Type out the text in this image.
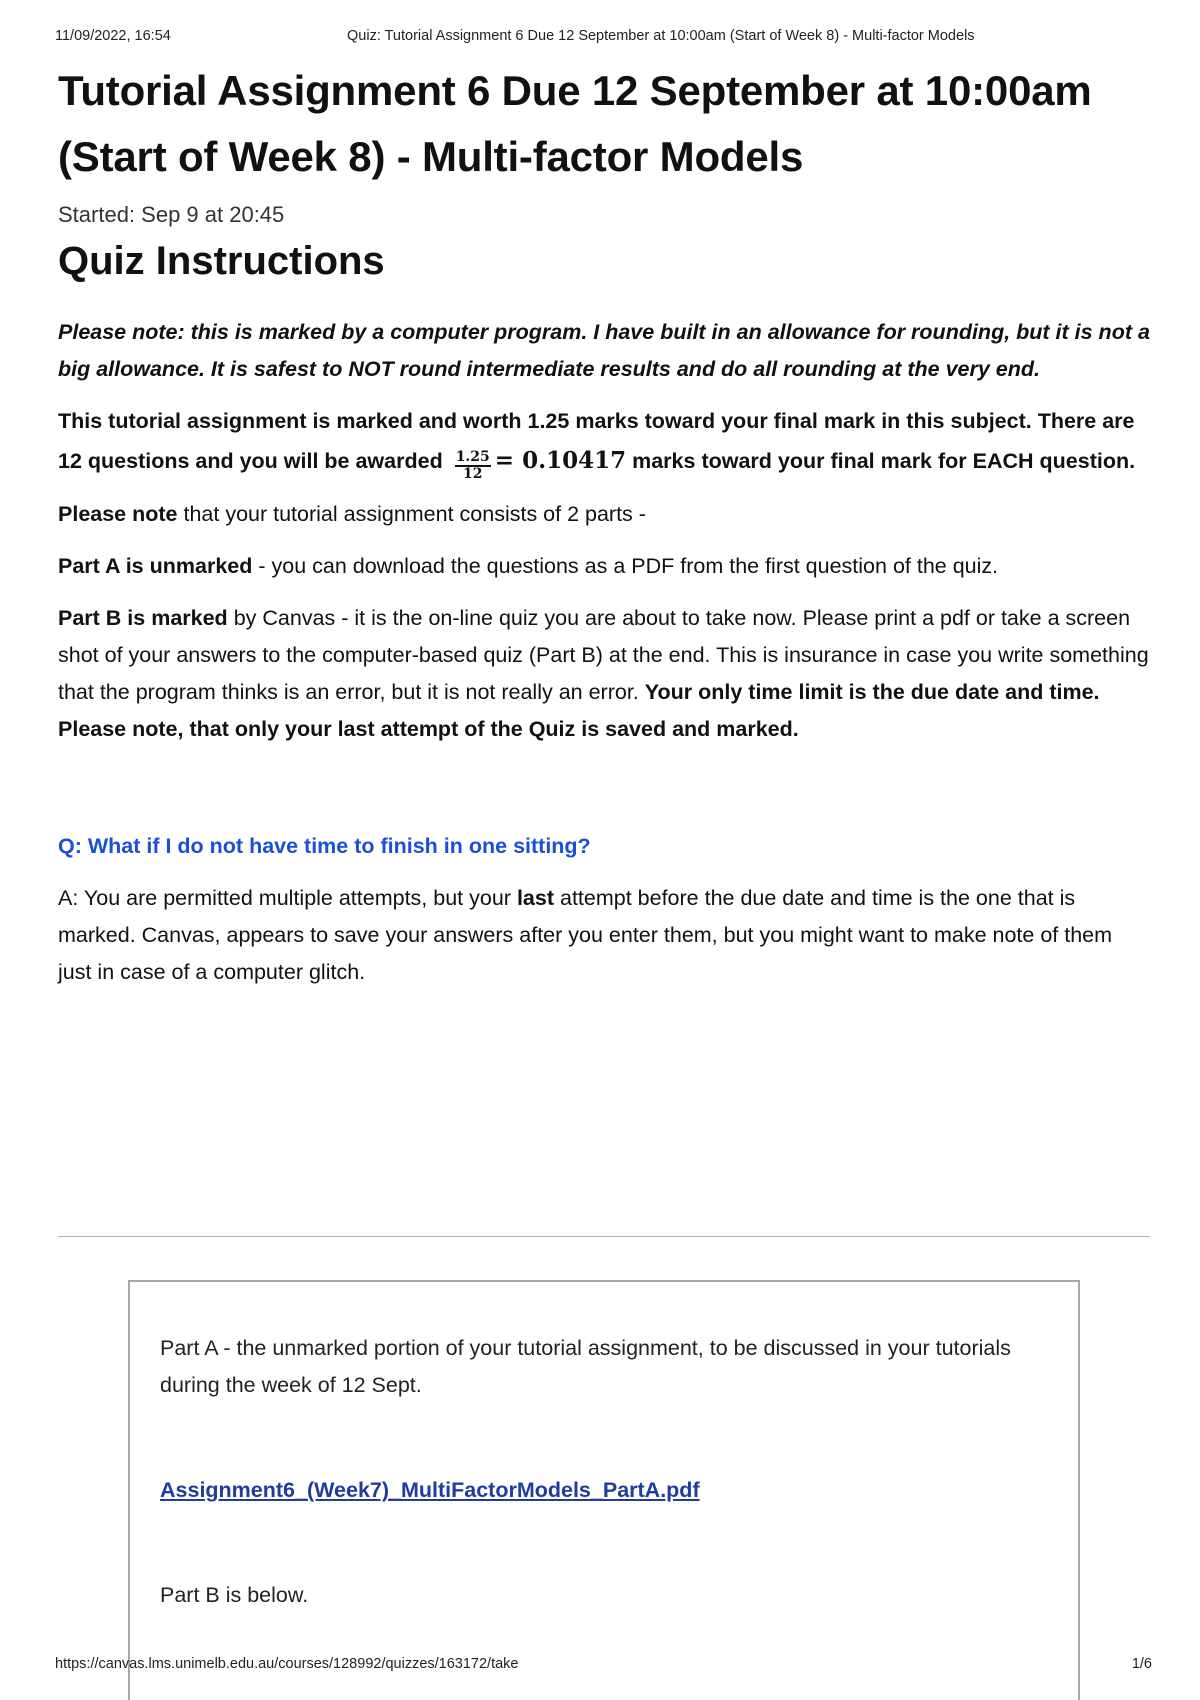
11/09/2022, 16:54	Quiz: Tutorial Assignment 6 Due 12 September at 10:00am (Start of Week 8) - Multi-factor Models
Tutorial Assignment 6 Due 12 September at 10:00am
(Start of Week 8) - Multi-factor Models
Started: Sep 9 at 20:45
Quiz Instructions

Please note: this is marked by a computer program. I have built in an allowance for rounding, but it is not a big allowance. It is safest to NOT round intermediate results and do all rounding at the very end.

This tutorial assignment is marked and worth 1.25 marks toward your final mark in this subject. There are 12 questions and you will be awarded $\frac{1.25}{12} = 0.10417$ marks toward your final mark for EACH question.

Please note that your tutorial assignment consists of 2 parts -

Part A is unmarked - you can download the questions as a PDF from the first question of the quiz.

Part B is marked by Canvas - it is the on-line quiz you are about to take now. Please print a pdf or take a screen shot of your answers to the computer-based quiz (Part B) at the end. This is insurance in case you write something that the program thinks is an error, but it is not really an error. Your only time limit is the due date and time. Please note, that only your last attempt of the Quiz is saved and marked.

Q: What if I do not have time to finish in one sitting?

A: You are permitted multiple attempts, but your last attempt before the due date and time is the one that is marked. Canvas, appears to save your answers after you enter them, but you might want to make note of them just in case of a computer glitch.

Part A - the unmarked portion of your tutorial assignment, to be discussed in your tutorials during the week of 12 Sept.

Assignment6_(Week7)_MultiFactorModels_PartA.pdf

Part B is below.

https://canvas.lms.unimelb.edu.au/courses/128992/quizzes/163172/take	1/6
